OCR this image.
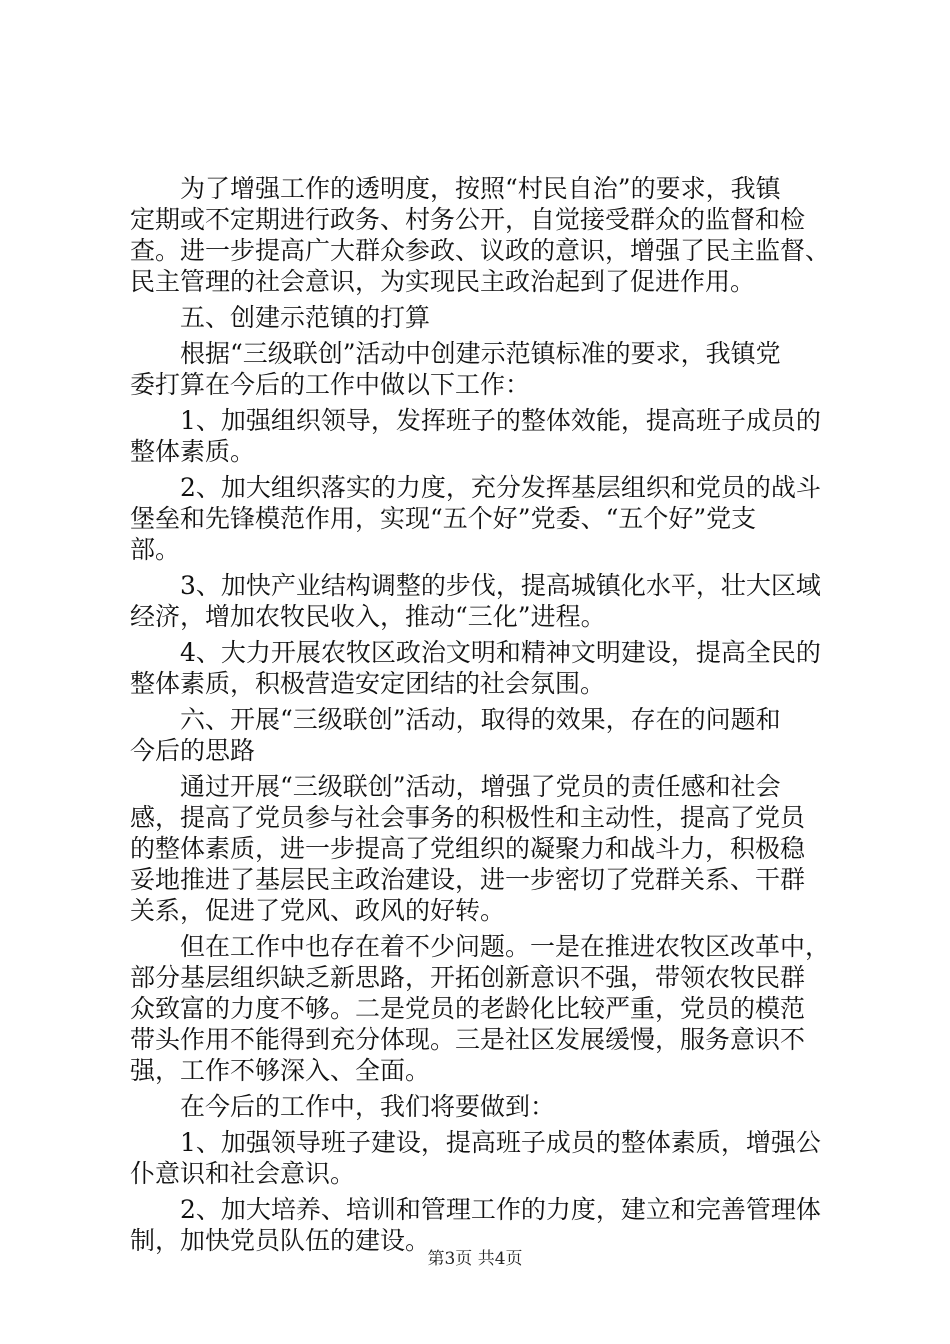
　　为了增强工作的透明度，按照“村民自治”的要求，我镇
定期或不定期进行政务、村务公开，自觉接受群众的监督和检
查。进一步提高广大群众参政、议政的意识，增强了民主监督、
民主管理的社会意识，为实现民主政治起到了促进作用。
　　五、创建示范镇的打算
　　根据“三级联创”活动中创建示范镇标准的要求，我镇党
委打算在今后的工作中做以下工作：
　　1、加强组织领导，发挥班子的整体效能，提高班子成员的
整体素质。
　　2、加大组织落实的力度，充分发挥基层组织和党员的战斗
堡垒和先锋模范作用，实现“五个好”党委、“五个好”党支
部。
　　3、加快产业结构调整的步伐，提高城镇化水平，壮大区域
经济，增加农牧民收入，推动“三化”进程。
　　4、大力开展农牧区政治文明和精神文明建设，提高全民的
整体素质，积极营造安定团结的社会氛围。
　　六、开展“三级联创”活动，取得的效果，存在的问题和
今后的思路
　　通过开展“三级联创”活动，增强了党员的责任感和社会
感，提高了党员参与社会事务的积极性和主动性，提高了党员
的整体素质，进一步提高了党组织的凝聚力和战斗力，积极稳
妥地推进了基层民主政治建设，进一步密切了党群关系、干群
关系，促进了党风、政风的好转。
　　但在工作中也存在着不少问题。一是在推进农牧区改革中，
部分基层组织缺乏新思路，开拓创新意识不强，带领农牧民群
众致富的力度不够。二是党员的老龄化比较严重，党员的模范
带头作用不能得到充分体现。三是社区发展缓慢，服务意识不
强，工作不够深入、全面。
　　在今后的工作中，我们将要做到：
　　1、加强领导班子建设，提高班子成员的整体素质，增强公
仆意识和社会意识。
　　2、加大培养、培训和管理工作的力度，建立和完善管理体
制，加快党员队伍的建设。
第3页 共4页
